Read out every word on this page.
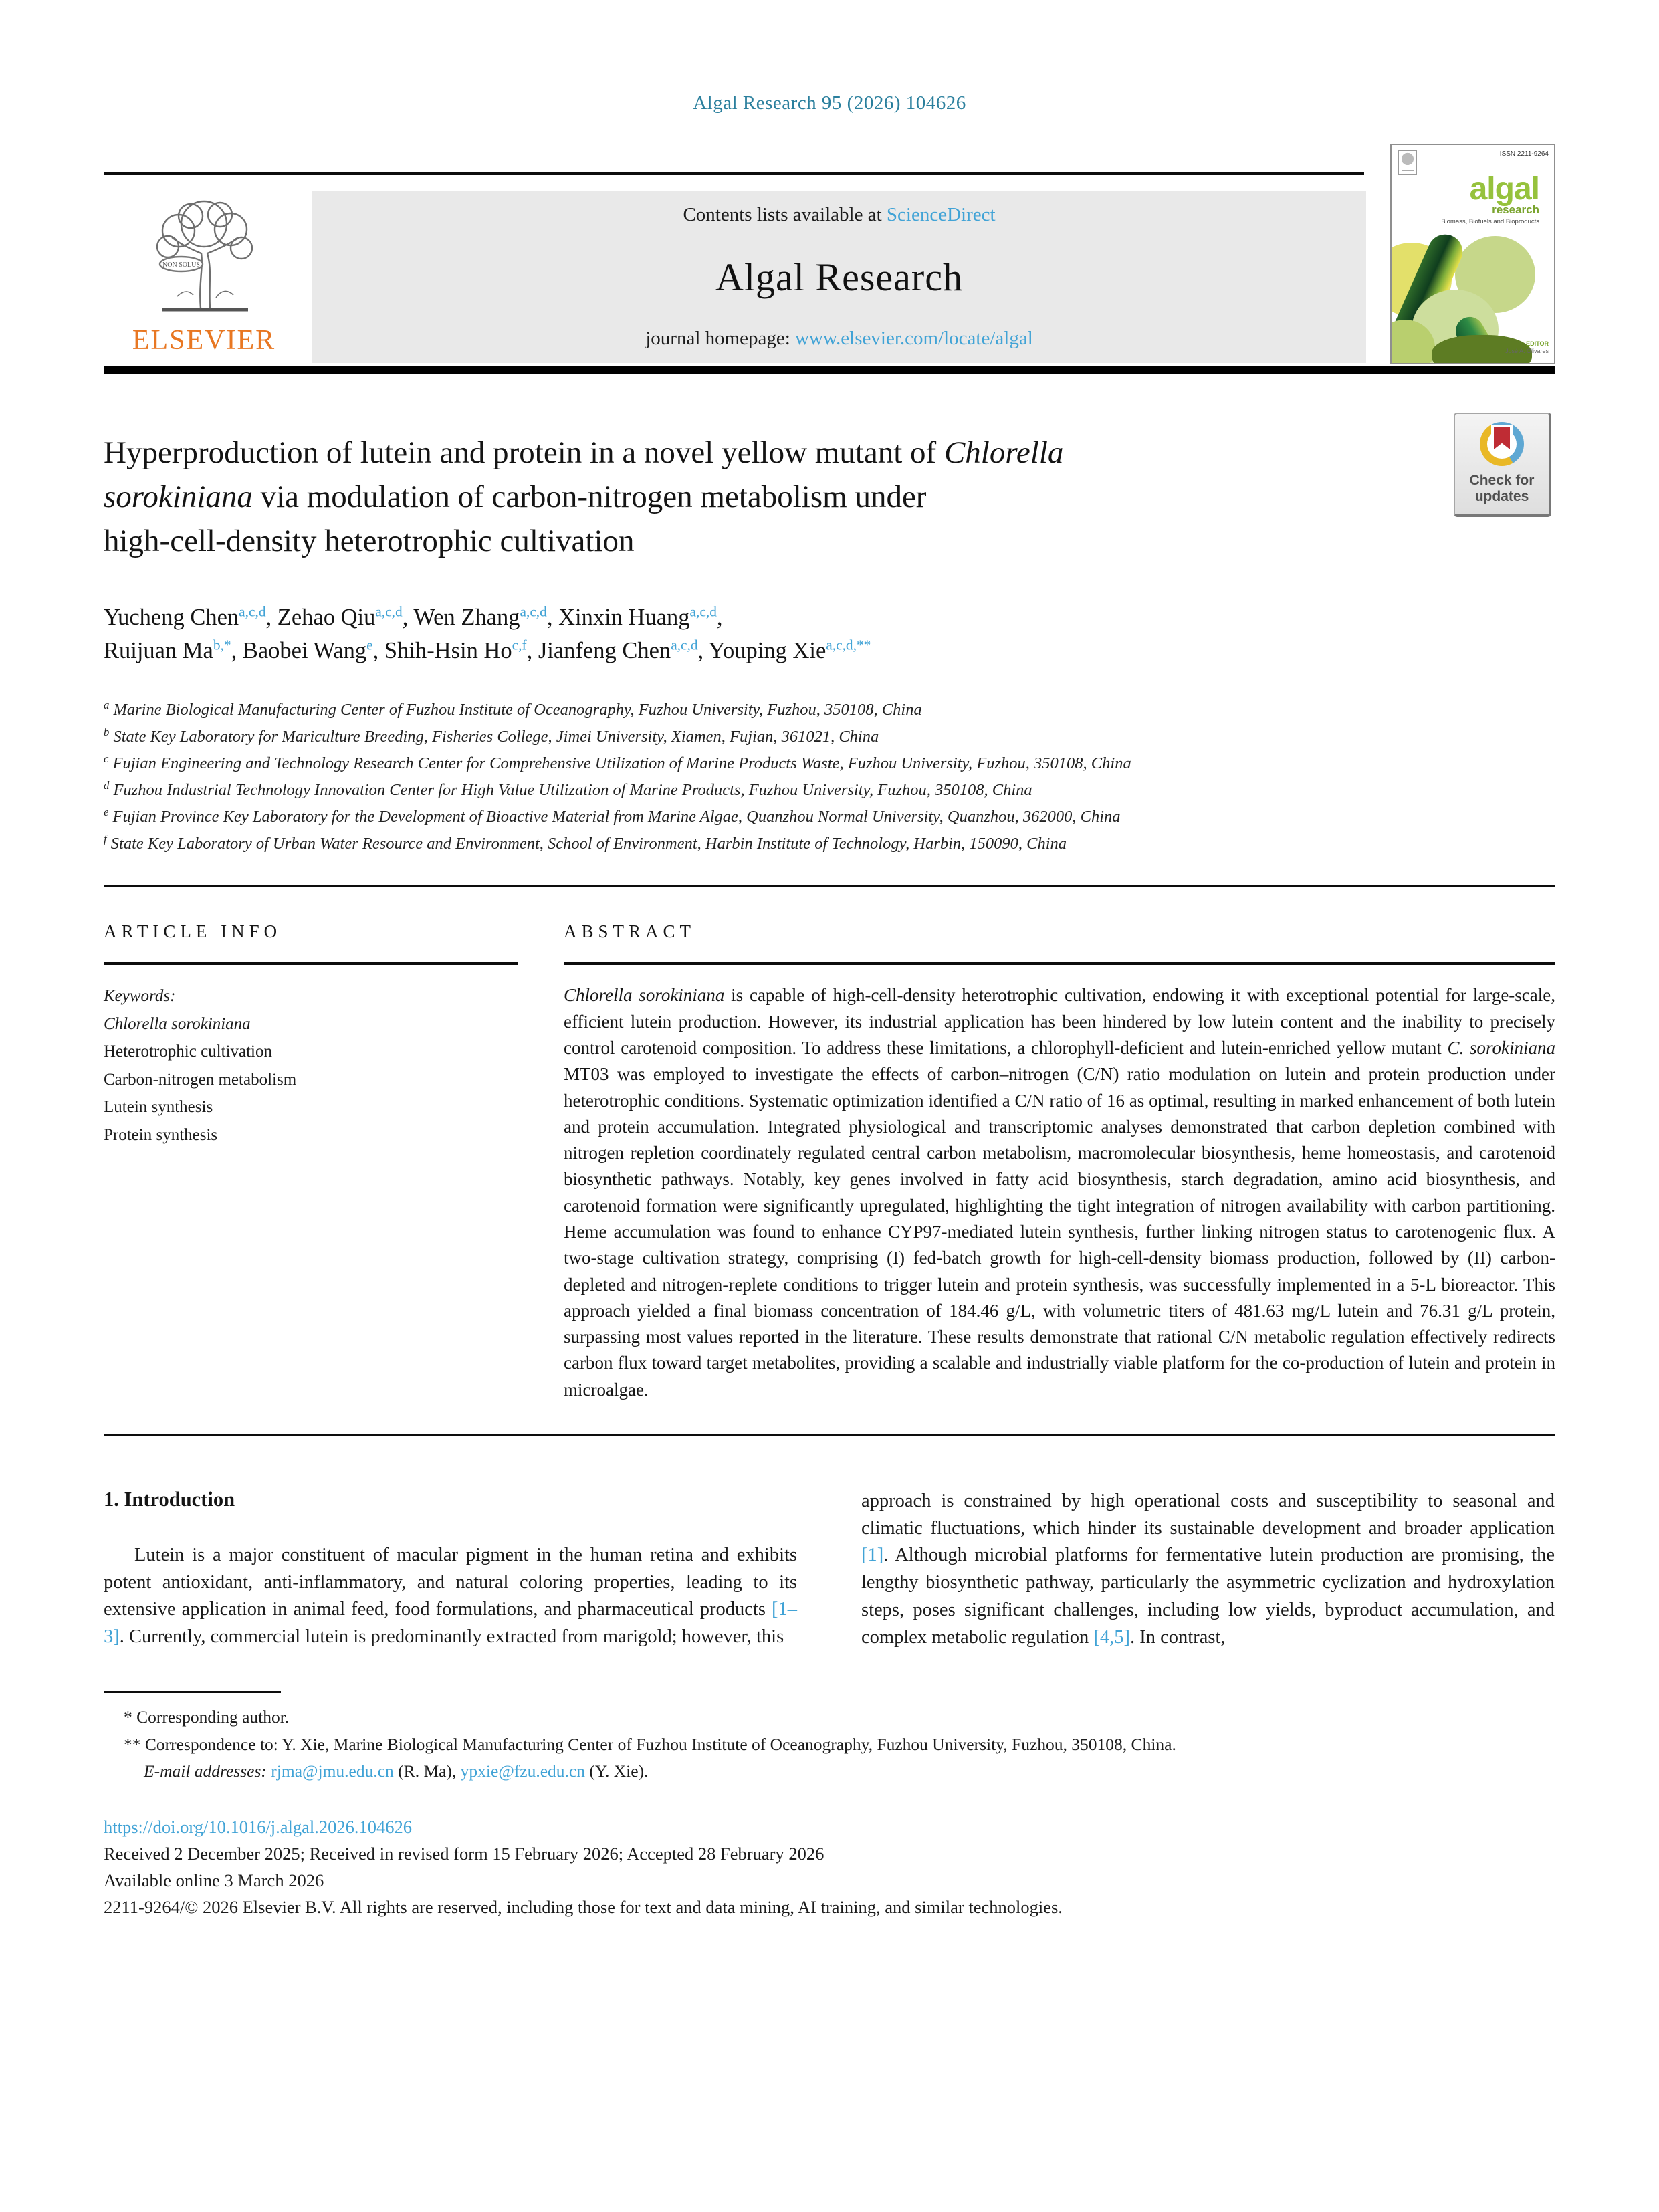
Algal Research 95 (2026) 104626
NON SOLUS
ELSEVIER
Contents lists available at ScienceDirect
Algal Research
journal homepage: www.elsevier.com/locate/algal
ISSN 2211-9264
algal
research
Biomass, Biofuels and Bioproducts
EDITOR
José A. Olivares
Hyperproduction of lutein and protein in a novel yellow mutant of Chlorella
sorokiniana via modulation of carbon-nitrogen metabolism under
high-cell-density heterotrophic cultivation
Check for
updates
Yucheng Chen$^{a,c,d}$, Zehao Qiu$^{a,c,d}$, Wen Zhang$^{a,c,d}$, Xinxin Huang$^{a,c,d}$,
Ruijuan $Ma^{b,*}$, Baobei Wang$^e$, Shih-Hsin Ho$^{c,f}$, Jianfeng Chen$^{a,c,d}$, Youping Xie$^{a,c,d,**}$
$^a$ Marine Biological Manufacturing Center of Fuzhou Institute of Oceanography, Fuzhou University, Fuzhou, 350108, China
$^b$ State Key Laboratory for Mariculture Breeding, Fisheries College, Jimei University, Xiamen, Fujian, 361021, China
$^c$ Fujian Engineering and Technology Research Center for Comprehensive Utilization of Marine Products Waste, Fuzhou University, Fuzhou, 350108, China
$^d$ Fuzhou Industrial Technology Innovation Center for High Value Utilization of Marine Products, Fuzhou University, Fuzhou, 350108, China
$^e$ Fujian Province Key Laboratory for the Development of Bioactive Material from Marine Algae, Quanzhou Normal University, Quanzhou, 362000, China
$^f$ State Key Laboratory of Urban Water Resource and Environment, School of Environment, Harbin Institute of Technology, Harbin, 150090, China
ARTICLE INFO
Keywords:
Chlorella sorokiniana
Heterotrophic cultivation
Carbon-nitrogen metabolism
Lutein synthesis
Protein synthesis
ABSTRACT
Chlorella sorokiniana is capable of high-cell-density heterotrophic cultivation, endowing it with exceptional potential for large-scale, efficient lutein production. However, its industrial application has been hindered by low lutein content and the inability to precisely control carotenoid composition. To address these limitations, a chlorophyll-deficient and lutein-enriched yellow mutant C. sorokiniana MT03 was employed to investigate the effects of carbon–nitrogen (C/N) ratio modulation on lutein and protein production under heterotrophic conditions. Systematic optimization identified a C/N ratio of 16 as optimal, resulting in marked enhancement of both lutein and protein accumulation. Integrated physiological and transcriptomic analyses demonstrated that carbon depletion combined with nitrogen repletion coordinately regulated central carbon metabolism, macromolecular biosynthesis, heme homeostasis, and carotenoid biosynthetic pathways. Notably, key genes involved in fatty acid biosynthesis, starch degradation, amino acid biosynthesis, and carotenoid formation were significantly upregulated, highlighting the tight integration of nitrogen availability with carbon partitioning. Heme accumulation was found to enhance CYP97-mediated lutein synthesis, further linking nitrogen status to carotenogenic flux. A two-stage cultivation strategy, comprising (I) fed-batch growth for high-cell-density biomass production, followed by (II) carbon-depleted and nitrogen-replete conditions to trigger lutein and protein synthesis, was successfully implemented in a 5-L bioreactor. This approach yielded a final biomass concentration of 184.46 g/L, with volumetric titers of 481.63 mg/L lutein and 76.31 g/L protein, surpassing most values reported in the literature. These results demonstrate that rational C/N metabolic regulation effectively redirects carbon flux toward target metabolites, providing a scalable and industrially viable platform for the co-production of lutein and protein in microalgae.
1. Introduction

Lutein is a major constituent of macular pigment in the human retina and exhibits potent antioxidant, anti-inflammatory, and natural coloring properties, leading to its extensive application in animal feed, food formulations, and pharmaceutical products [1–3]. Currently, commercial lutein is predominantly extracted from marigold; however, this

approach is constrained by high operational costs and susceptibility to seasonal and climatic fluctuations, which hinder its sustainable development and broader application [1]. Although microbial platforms for fermentative lutein production are promising, the lengthy biosynthetic pathway, particularly the asymmetric cyclization and hydroxylation steps, poses significant challenges, including low yields, byproduct accumulation, and complex metabolic regulation [4,5]. In contrast,

* Corresponding author.
** Correspondence to: Y. Xie, Marine Biological Manufacturing Center of Fuzhou Institute of Oceanography, Fuzhou University, Fuzhou, 350108, China.
E-mail addresses: rjma@jmu.edu.cn (R. Ma), ypxie@fzu.edu.cn (Y. Xie).
https://doi.org/10.1016/j.algal.2026.104626
Received 2 December 2025; Received in revised form 15 February 2026; Accepted 28 February 2026
Available online 3 March 2026
2211-9264/© 2026 Elsevier B.V. All rights are reserved, including those for text and data mining, AI training, and similar technologies.
